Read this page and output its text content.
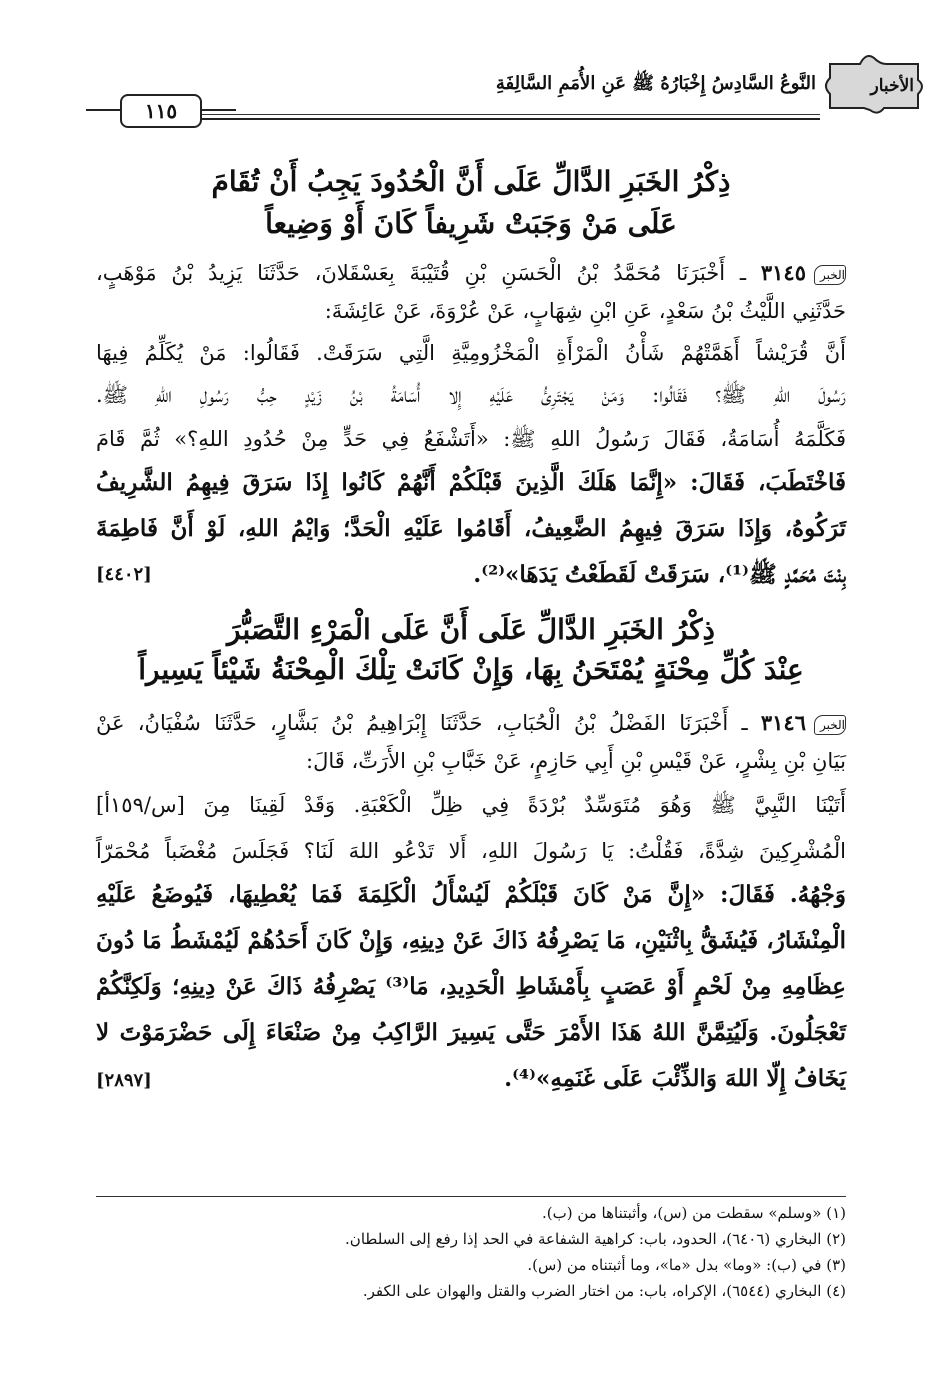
الأخبار
النَّوعُ السَّادِسُ إِخْبَارُهُ ﷺ عَنِ الأُمَمِ السَّالِفَةِ
١١٥
ذِكْرُ الخَبَرِ الدَّالِّ عَلَى أَنَّ الْحُدُودَ يَجِبُ أَنْ تُقَامَ
عَلَى مَنْ وَجَبَتْ شَرِيفاً كَانَ أَوْ وَضِيعاً
الخبر٣١٤٥ ـ أَخْبَرَنَا مُحَمَّدُ بْنُ الْحَسَنِ بْنِ قُتَيْبَةَ بِعَسْقَلانَ، حَدَّثَنَا يَزِيدُ بْنُ مَوْهَبٍ،
حَدَّثَنِي اللَّيْثُ بْنُ سَعْدٍ، عَنِ ابْنِ شِهَابٍ، عَنْ عُرْوَةَ، عَنْ عَائِشَةَ:
أَنَّ قُرَيْشاً أَهَمَّتْهُمْ شَأْنُ الْمَرْأَةِ الْمَخْزُومِيَّةِ الَّتِي سَرَقَتْ. فَقَالُوا: مَنْ يُكَلِّمُ فِيهَا
رَسُولَ اللهِ ﷺ؟ فَقَالُوا: وَمَنْ يَجْتَرِئُ عَلَيْهِ إِلا أُسَامَةُ بْنُ زَيْدٍ حِبُّ رَسُولِ اللهِ ﷺ.
فَكَلَّمَهُ أُسَامَةُ، فَقَالَ رَسُولُ اللهِ ﷺ: «أَتَشْفَعُ فِي حَدٍّ مِنْ حُدُودِ اللهِ؟» ثُمَّ قَامَ
فَاخْتَطَبَ، فَقَالَ: «إِنَّمَا هَلَكَ الَّذِينَ قَبْلَكُمْ أَنَّهُمْ كَانُوا إِذَا سَرَقَ فِيهِمُ الشَّرِيفُ
تَرَكُوهُ، وَإِذَا سَرَقَ فِيهِمُ الضَّعِيفُ، أَقَامُوا عَلَيْهِ الْحَدَّ؛ وَايْمُ اللهِ، لَوْ أَنَّ فَاطِمَةَ
بِنْتَ مُحَمَّدٍ ﷺ⁽¹⁾، سَرَقَتْ لَقَطَعْتُ يَدَهَا»⁽²⁾.
[٤٤٠٢]
ذِكْرُ الخَبَرِ الدَّالِّ عَلَى أَنَّ عَلَى الْمَرْءِ التَّصَبُّرَ
عِنْدَ كُلِّ مِحْنَةٍ يُمْتَحَنُ بِهَا، وَإِنْ كَانَتْ تِلْكَ الْمِحْنَةُ شَيْئاً يَسِيراً
الخبر٣١٤٦ ـ أَخْبَرَنَا الفَضْلُ بْنُ الْحُبَابِ، حَدَّثَنَا إِبْرَاهِيمُ بْنُ بَشَّارٍ، حَدَّثَنَا سُفْيَانُ، عَنْ
بَيَانِ بْنِ بِشْرٍ، عَنْ قَيْسِ بْنِ أَبِي حَازِمٍ، عَنْ خَبَّابِ بْنِ الأَرَتِّ، قَالَ:
أَتَيْنَا النَّبِيَّ ﷺ وَهُوَ مُتَوَسِّدٌ بُرْدَةً فِي ظِلِّ الْكَعْبَةِ. وَقَدْ لَقِينَا مِنَ [س/١٥٩أ]
الْمُشْرِكِينَ شِدَّةً، فَقُلْتُ: يَا رَسُولَ اللهِ، أَلا تَدْعُو اللهَ لَنَا؟ فَجَلَسَ مُغْضَباً مُحْمَرّاً
وَجْهُهُ. فَقَالَ: «إِنَّ مَنْ كَانَ قَبْلَكُمْ لَيُسْأَلُ الْكَلِمَةَ فَمَا يُعْطِيهَا، فَيُوضَعُ عَلَيْهِ
الْمِنْشَارُ، فَيُشَقُّ بِاثْنَيْنِ، مَا يَصْرِفُهُ ذَاكَ عَنْ دِينِهِ، وَإِنْ كَانَ أَحَدُهُمْ لَيُمْشَطُ مَا دُونَ
عِظَامِهِ مِنْ لَحْمٍ أَوْ عَصَبٍ بِأَمْشَاطِ الْحَدِيدِ، مَا⁽³⁾ يَصْرِفُهُ ذَاكَ عَنْ دِينِهِ؛ وَلَكِنَّكُمْ
تَعْجَلُونَ. وَلَيُتِمَّنَّ اللهُ هَذَا الأَمْرَ حَتَّى يَسِيرَ الرَّاكِبُ مِنْ صَنْعَاءَ إِلَى حَضْرَمَوْتَ لا
يَخَافُ إِلّا اللهَ وَالذِّئْبَ عَلَى غَنَمِهِ»⁽⁴⁾.
[٢٨٩٧]
(١) «وسلم» سقطت من (س)، وأثبتناها من (ب).
(٢) البخاري (٦٤٠٦)، الحدود، باب: كراهية الشفاعة في الحد إذا رفع إلى السلطان.
(٣) في (ب): «وما» بدل «ما»، وما أثبتناه من (س).
(٤) البخاري (٦٥٤٤)، الإكراه، باب: من اختار الضرب والقتل والهوان على الكفر.
